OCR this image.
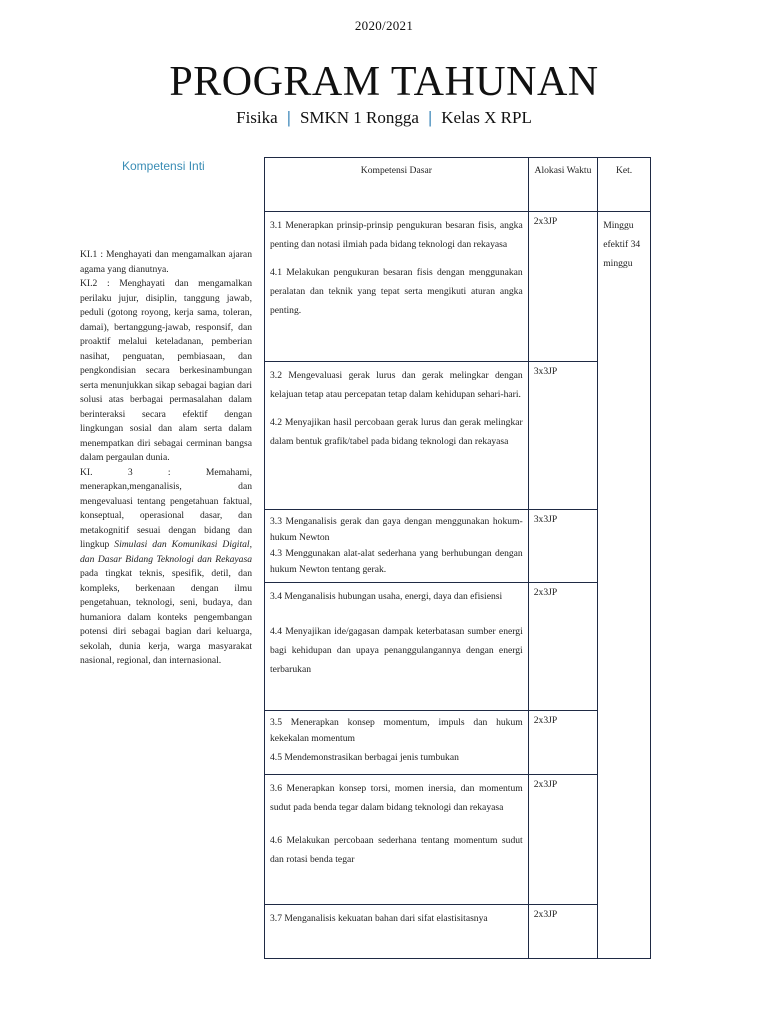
2020/2021
PROGRAM TAHUNAN
Fisika | SMKN 1 Rongga | Kelas X RPL
Kompetensi Inti

KI.1 : Menghayati dan mengamalkan ajaran agama yang dianutnya.

KI.2 : Menghayati dan mengamalkan perilaku jujur, disiplin, tanggung jawab, peduli (gotong royong, kerja sama, toleran, damai), bertanggung-jawab, responsif, dan proaktif melalui keteladanan, pemberian nasihat, penguatan, pembiasaan, dan pengkondisian secara berkesinambungan serta menunjukkan sikap sebagai bagian dari solusi atas berbagai permasalahan dalam berinteraksi secara efektif dengan lingkungan sosial dan alam serta dalam menempatkan diri sebagai cerminan bangsa dalam pergaulan dunia.

KI. 3 : Memahami, menerapkan,menganalisis, dan mengevaluasi tentang pengetahuan faktual, konseptual, operasional dasar, dan metakognitif sesuai dengan bidang dan lingkup Simulasi dan Komunikasi Digital, dan Dasar Bidang Teknologi dan Rekayasa pada tingkat teknis, spesifik, detil, dan kompleks, berkenaan dengan ilmu pengetahuan, teknologi, seni, budaya, dan humaniora dalam konteks pengembangan potensi diri sebagai bagian dari keluarga, sekolah, dunia kerja, warga masyarakat nasional, regional, dan internasional.

Kompetensi Dasar	Alokasi Waktu	Ket.

3.1 Menerapkan prinsip-prinsip pengukuran besaran fisis, angka penting dan notasi ilmiah pada bidang teknologi dan rekayasa

4.1 Melakukan pengukuran besaran fisis dengan menggunakan peralatan dan teknik yang tepat serta mengikuti aturan angka penting.	2x3JP	Minggu efektif 34 minggu

3.2 Mengevaluasi gerak lurus dan gerak melingkar dengan kelajuan tetap atau percepatan tetap dalam kehidupan sehari-hari.

4.2 Menyajikan hasil percobaan gerak lurus dan gerak melingkar dalam bentuk grafik/tabel pada bidang teknologi dan rekayasa	3x3JP	

3.3 Menganalisis gerak dan gaya dengan menggunakan hokum-hukum Newton

4.3 Menggunakan alat-alat sederhana yang berhubungan dengan hukum Newton tentang gerak.	3x3JP	

3.4 Menganalisis hubungan usaha, energi, daya dan efisiensi

4.4 Menyajikan ide/gagasan dampak keterbatasan sumber energi bagi kehidupan dan upaya penanggulangannya dengan energi terbarukan	2x3JP	

3.5 Menerapkan konsep momentum, impuls dan hukum kekekalan momentum

4.5 Mendemonstrasikan berbagai jenis tumbukan	2x3JP	

3.6 Menerapkan konsep torsi, momen inersia, dan momentum sudut pada benda tegar dalam bidang teknologi dan rekayasa

4.6 Melakukan percobaan sederhana tentang momentum sudut dan rotasi benda tegar	2x3JP	

3.7 Menganalisis kekuatan bahan dari sifat elastisitasnya	2x3JP	
